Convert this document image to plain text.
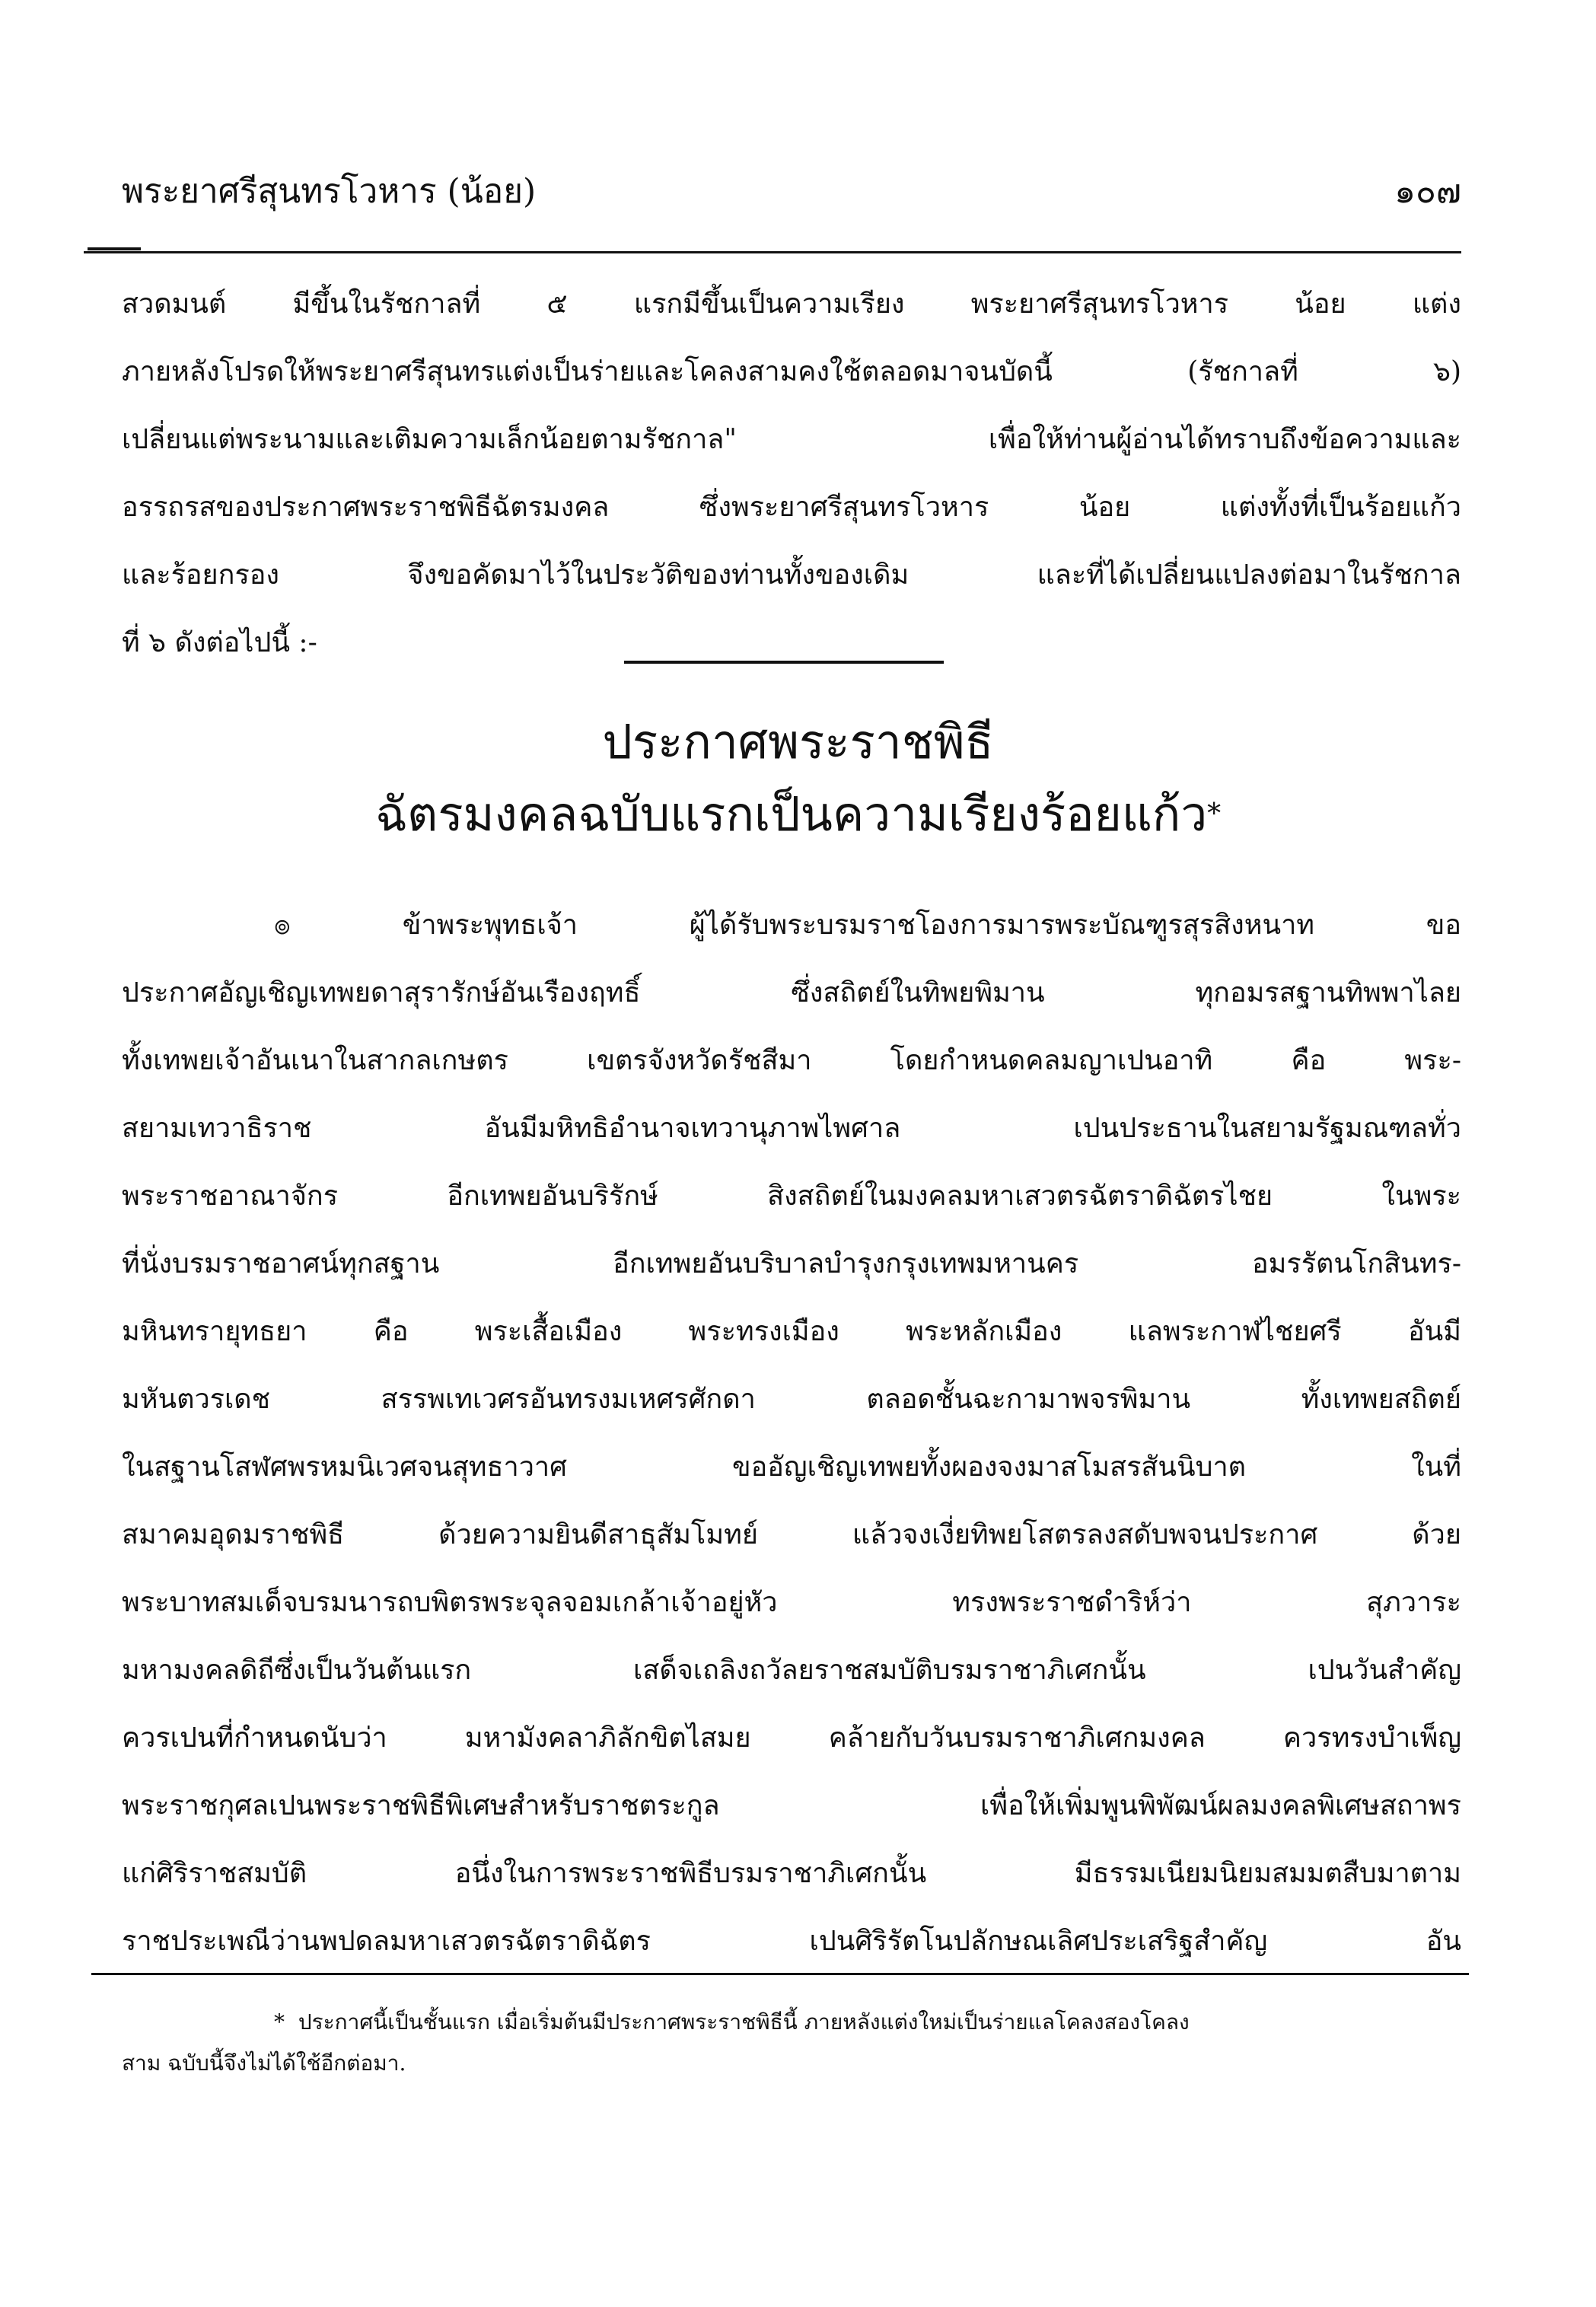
พระยาศรีสุนทรโวหาร (น้อย)	๑๐๗
สวดมนต์ มีขึ้นในรัชกาลที่ ๕ แรกมีขึ้นเป็นความเรียง พระยาศรีสุนทรโวหาร น้อย แต่ง
ภายหลังโปรดให้พระยาศรีสุนทรแต่งเป็นร่ายและโคลงสามคงใช้ตลอดมาจนบัดนี้ (รัชกาลที่ ๖)
เปลี่ยนแต่พระนามและเติมความเล็กน้อยตามรัชกาล" เพื่อให้ท่านผู้อ่านได้ทราบถึงข้อความและ
อรรถรสของประกาศพระราชพิธีฉัตรมงคล ซึ่งพระยาศรีสุนทรโวหาร น้อย แต่งทั้งที่เป็นร้อยแก้ว
และร้อยกรอง จึงขอคัดมาไว้ในประวัติของท่านทั้งของเดิม และที่ได้เปลี่ยนแปลงต่อมาในรัชกาล
ที่ ๖ ดังต่อไปนี้ :-
ประกาศพระราชพิธี
ฉัตรมงคลฉบับแรกเป็นความเรียงร้อยแก้ว*
๏ ข้าพระพุทธเจ้า ผู้ได้รับพระบรมราชโองการมารพระบัณฑูรสุรสิงหนาท ขอ
ประกาศอัญเชิญเทพยดาสุรารักษ์อันเรืองฤทธิ์ ซึ่งสถิตย์ในทิพยพิมาน ทุกอมรสฐานทิพพาไลย
ทั้งเทพยเจ้าอันเนาในสากลเกษตร เขตรจังหวัดรัชสีมา โดยกำหนดคลมญาเปนอาทิ คือ พระ-
สยามเทวาธิราช อันมีมหิทธิอำนาจเทวานุภาพไพศาล เปนประธานในสยามรัฐมณฑลทั่ว
พระราชอาณาจักร อีกเทพยอันบริรักษ์ สิงสถิตย์ในมงคลมหาเสวตรฉัตราดิฉัตรไชย ในพระ
ที่นั่งบรมราชอาศน์ทุกสฐาน อีกเทพยอันบริบาลบำรุงกรุงเทพมหานคร อมรรัตนโกสินทร-
มหินทรายุทธยา คือ พระเสื้อเมือง พระทรงเมือง พระหลักเมือง แลพระกาฬไชยศรี อันมี
มหันตวรเดช สรรพเทเวศรอันทรงมเหศรศักดา ตลอดชั้นฉะกามาพจรพิมาน ทั้งเทพยสถิตย์
ในสฐานโสฬศพรหมนิเวศจนสุทธาวาศ ขออัญเชิญเทพยทั้งผองจงมาสโมสรสันนิบาต ในที่
สมาคมอุดมราชพิธี ด้วยความยินดีสาธุสัมโมทย์ แล้วจงเงี่ยทิพยโสตรลงสดับพจนประกาศ ด้วย
พระบาทสมเด็จบรมนารถบพิตรพระจุลจอมเกล้าเจ้าอยู่หัว ทรงพระราชดำริห์ว่า สุภวาระ
มหามงคลดิถีซึ่งเป็นวันต้นแรก เสด็จเถลิงถวัลยราชสมบัติบรมราชาภิเศกนั้น เปนวันสำคัญ
ควรเปนที่กำหนดนับว่า มหามังคลาภิลักขิตไสมย คล้ายกับวันบรมราชาภิเศกมงคล ควรทรงบำเพ็ญ
พระราชกุศลเปนพระราชพิธีพิเศษสำหรับราชตระกูล เพื่อให้เพิ่มพูนพิพัฒน์ผลมงคลพิเศษสถาพร
แก่ศิริราชสมบัติ อนึ่งในการพระราชพิธีบรมราชาภิเศกนั้น มีธรรมเนียมนิยมสมมตสืบมาตาม
ราชประเพณีว่านพปดลมหาเสวตรฉัตราดิฉัตร เปนศิริรัตโนปลักษณเลิศประเสริฐสำคัญ อัน
* ประกาศนี้เป็นชั้นแรก เมื่อเริ่มต้นมีประกาศพระราชพิธีนี้ ภายหลังแต่งใหม่เป็นร่ายแลโคลงสองโคลง
สาม ฉบับนี้จึงไม่ได้ใช้อีกต่อมา.
